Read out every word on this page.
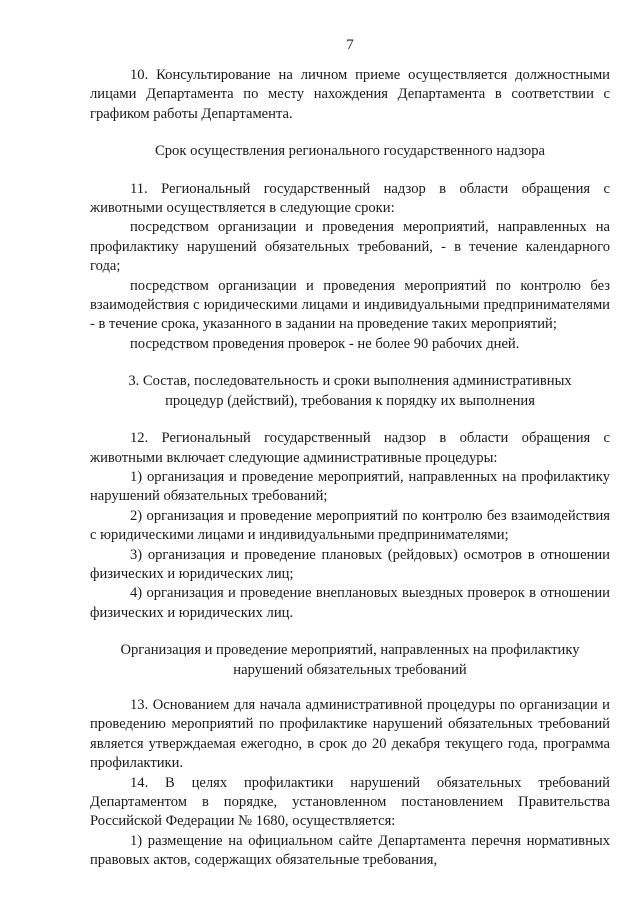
7

10. Консультирование на личном приеме осуществляется должностными лицами Департамента по месту нахождения Департамента в соответствии с графиком работы Департамента.

Срок осуществления регионального государственного надзора

11. Региональный государственный надзор в области обращения с животными осуществляется в следующие сроки:

посредством организации и проведения мероприятий, направленных на профилактику нарушений обязательных требований, - в течение календарного года;

посредством организации и проведения мероприятий по контролю без взаимодействия с юридическими лицами и индивидуальными предпринимателями - в течение срока, указанного в задании на проведение таких мероприятий;

посредством проведения проверок - не более 90 рабочих дней.

3. Состав, последовательность и сроки выполнения административных процедур (действий), требования к порядку их выполнения

12. Региональный государственный надзор в области обращения с животными включает следующие административные процедуры:

1) организация и проведение мероприятий, направленных на профилактику нарушений обязательных требований;

2) организация и проведение мероприятий по контролю без взаимодействия с юридическими лицами и индивидуальными предпринимателями;

3) организация и проведение плановых (рейдовых) осмотров в отношении физических и юридических лиц;

4) организация и проведение внеплановых выездных проверок в отношении физических и юридических лиц.

Организация и проведение мероприятий, направленных на профилактику нарушений обязательных требований

13. Основанием для начала административной процедуры по организации и проведению мероприятий по профилактике нарушений обязательных требований является утверждаемая ежегодно, в срок до 20 декабря текущего года, программа профилактики.

14. В целях профилактики нарушений обязательных требований Департаментом в порядке, установленном постановлением Правительства Российской Федерации № 1680, осуществляется:

1) размещение на официальном сайте Департамента перечня нормативных правовых актов, содержащих обязательные требования,
